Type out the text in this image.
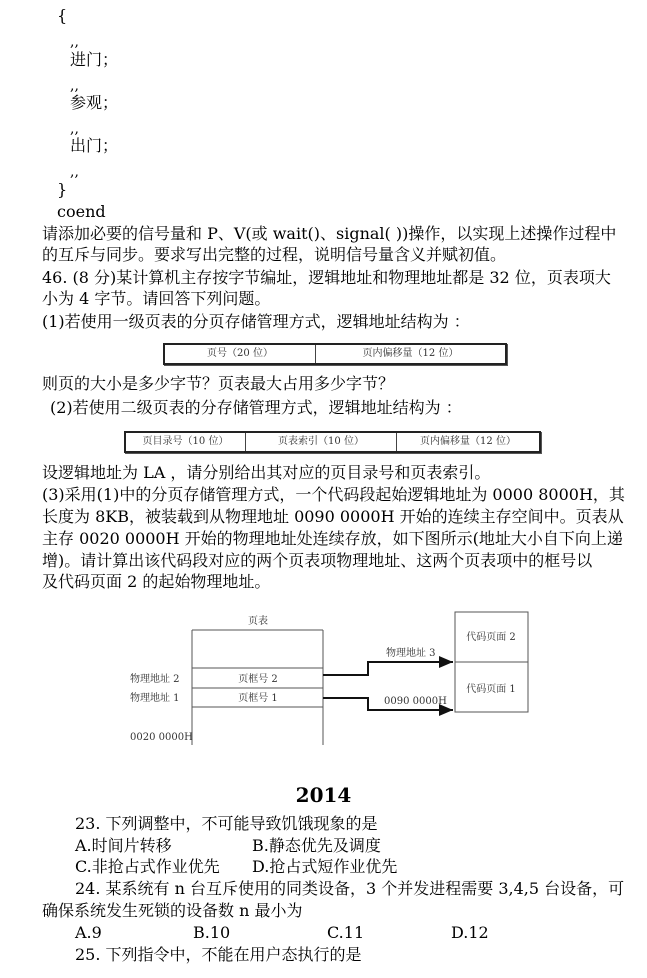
{
,,
进门；
,,
参观；
,,
出门；
,,
}
coend
请添加必要的信号量和 P、V(或 wait()、signal( ))操作，以实现上述操作过程中
的互斥与同步。要求写出完整的过程，说明信号量含义并赋初值。
46. (8 分)某计算机主存按字节编址，逻辑地址和物理地址都是 32 位，页表项大
小为 4 字节。请回答下列问题。
(1)若使用一级页表的分页存储管理方式，逻辑地址结构为 ：
页号（20 位）	页内偏移量（12 位）
则页的大小是多少字节？页表最大占用多少字节？
(2)若使用二级页表的分存储管理方式，逻辑地址结构为 ：
页目录号（10 位）	页表索引（10 位）	页内偏移量（12 位）
设逻辑地址为 LA ，请分别给出其对应的页目录号和页表索引。
(3)采用(1)中的分页存储管理方式，一个代码段起始逻辑地址为 0000 8000H，其
长度为 8KB，被装载到从物理地址 0090 0000H 开始的连续主存空间中。页表从
主存 0020 0000H 开始的物理地址处连续存放，如下图所示(地址大小自下向上递
增)。请计算出该代码段对应的两个页表项物理地址、这两个页表项中的框号以
及代码页面 2 的起始物理地址。
页表
页框号 2
页框号 1
物理地址 2
物理地址 1
0020 0000H
物理地址 3
0090 0000H
代码页面 2
代码页面 1
2014
23. 下列调整中，不可能导致饥饿现象的是
A.时间片转移	B.静态优先及调度
C.非抢占式作业优先 D.抢占式短作业优先
24. 某系统有 n 台互斥使用的同类设备，3 个并发进程需要 3,4,5 台设备，可
确保系统发生死锁的设备数 n 最小为
A.9	B.10	C.11	D.12
25. 下列指令中，不能在用户态执行的是
